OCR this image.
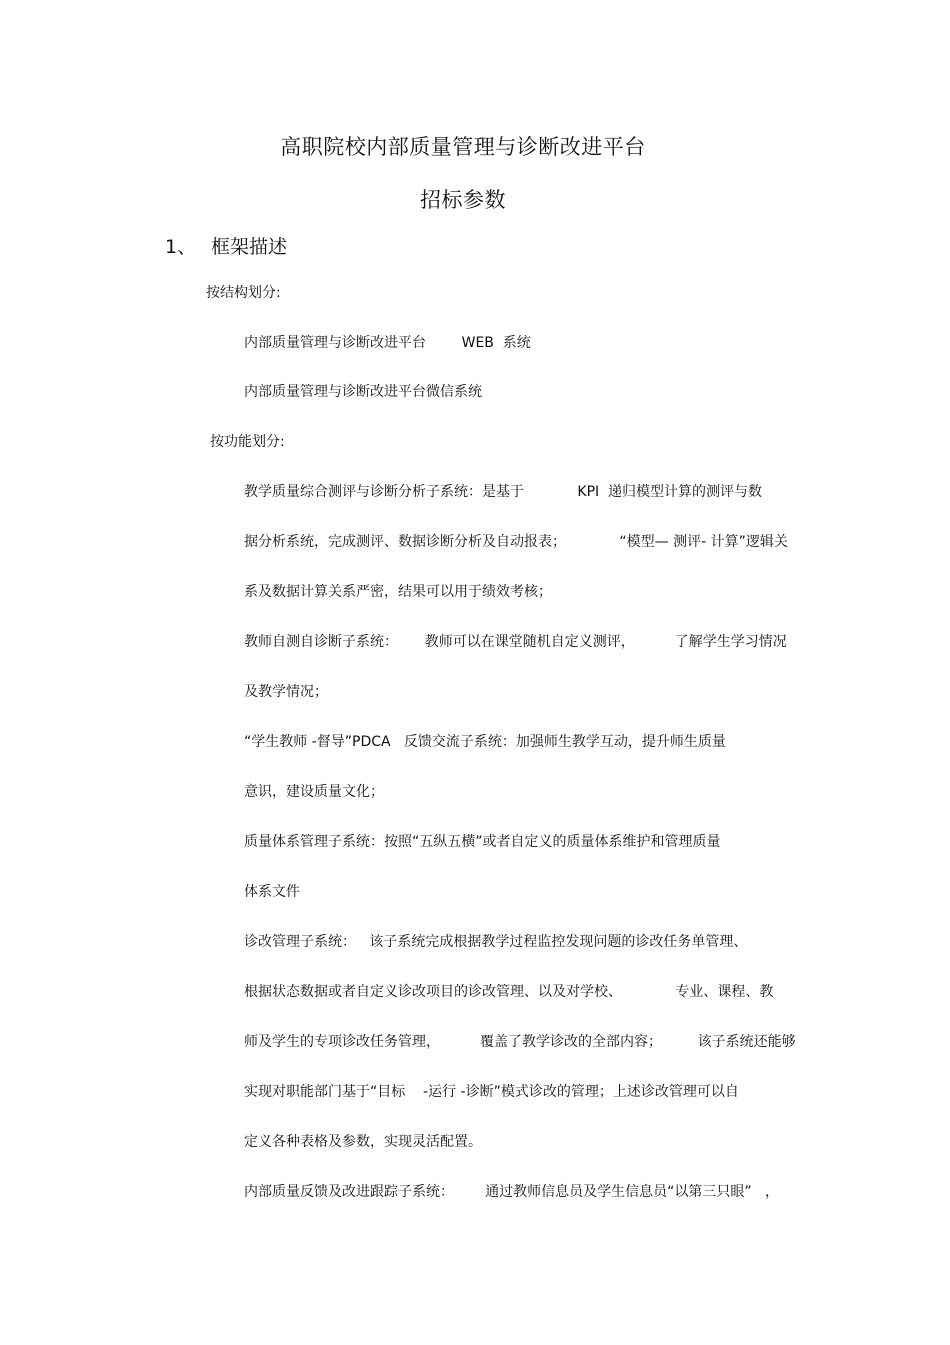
高职院校内部质量管理与诊断改进平台
招标参数
1、 框架描述
按结构划分:
内部质量管理与诊断改进平台        WEB  系统
内部质量管理与诊断改进平台微信系统
按功能划分:
教学质量综合测评与诊断分析子系统：是基于            KPI  递归模型计算的测评与数
据分析系统，完成测评、数据诊断分析及自动报表；            “模型— 测评- 计算”逻辑关
系及数据计算关系严密，结果可以用于绩效考核；
教师自测自诊断子系统：      教师可以在课堂随机自定义测评，         了解学生学习情况
及教学情况；
“学生教师 -督导”PDCA   反馈交流子系统：加强师生教学互动，提升师生质量
意识，建设质量文化；
质量体系管理子系统：按照“五纵五横”或者自定义的质量体系维护和管理质量
体系文件
诊改管理子系统：   该子系统完成根据教学过程监控发现问题的诊改任务单管理、
根据状态数据或者自定义诊改项目的诊改管理、以及对学校、            专业、课程、教
师及学生的专项诊改任务管理，         覆盖了教学诊改的全部内容；        该子系统还能够
实现对职能部门基于“目标    -运行 -诊断”模式诊改的管理；上述诊改管理可以自
定义各种表格及参数，实现灵活配置。
内部质量反馈及改进跟踪子系统：       通过教师信息员及学生信息员“以第三只眼”   ，
